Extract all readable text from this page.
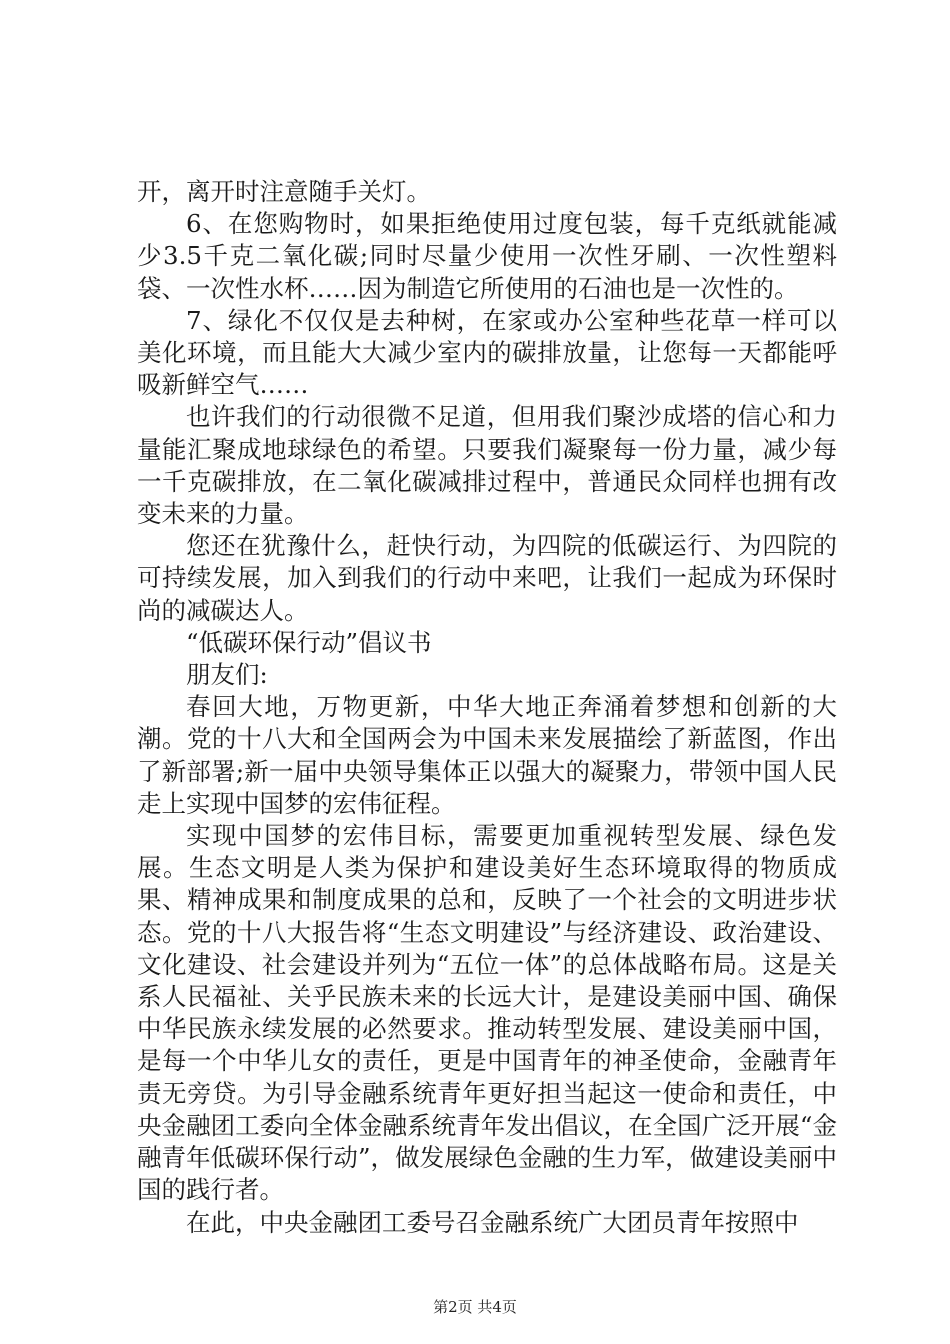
开，离开时注意随手关灯。

6、在您购物时，如果拒绝使用过度包装，每千克纸就能减少3.5千克二氧化碳;同时尽量少使用一次性牙刷、一次性塑料袋、一次性水杯……因为制造它所使用的石油也是一次性的。

7、绿化不仅仅是去种树，在家或办公室种些花草一样可以美化环境，而且能大大减少室内的碳排放量，让您每一天都能呼吸新鲜空气……

也许我们的行动很微不足道，但用我们聚沙成塔的信心和力量能汇聚成地球绿色的希望。只要我们凝聚每一份力量，减少每一千克碳排放，在二氧化碳减排过程中，普通民众同样也拥有改变未来的力量。

您还在犹豫什么，赶快行动，为四院的低碳运行、为四院的可持续发展，加入到我们的行动中来吧，让我们一起成为环保时尚的减碳达人。

“低碳环保行动”倡议书

朋友们:

春回大地，万物更新，中华大地正奔涌着梦想和创新的大潮。党的十八大和全国两会为中国未来发展描绘了新蓝图，作出了新部署;新一届中央领导集体正以强大的凝聚力，带领中国人民走上实现中国梦的宏伟征程。

实现中国梦的宏伟目标，需要更加重视转型发展、绿色发展。生态文明是人类为保护和建设美好生态环境取得的物质成果、精神成果和制度成果的总和，反映了一个社会的文明进步状态。党的十八大报告将“生态文明建设”与经济建设、政治建设、文化建设、社会建设并列为“五位一体”的总体战略布局。这是关系人民福祉、关乎民族未来的长远大计，是建设美丽中国、确保中华民族永续发展的必然要求。推动转型发展、建设美丽中国，是每一个中华儿女的责任，更是中国青年的神圣使命，金融青年责无旁贷。为引导金融系统青年更好担当起这一使命和责任，中央金融团工委向全体金融系统青年发出倡议，在全国广泛开展“金融青年低碳环保行动”，做发展绿色金融的生力军，做建设美丽中国的践行者。

在此，中央金融团工委号召金融系统广大团员青年按照中

第2页 共4页
